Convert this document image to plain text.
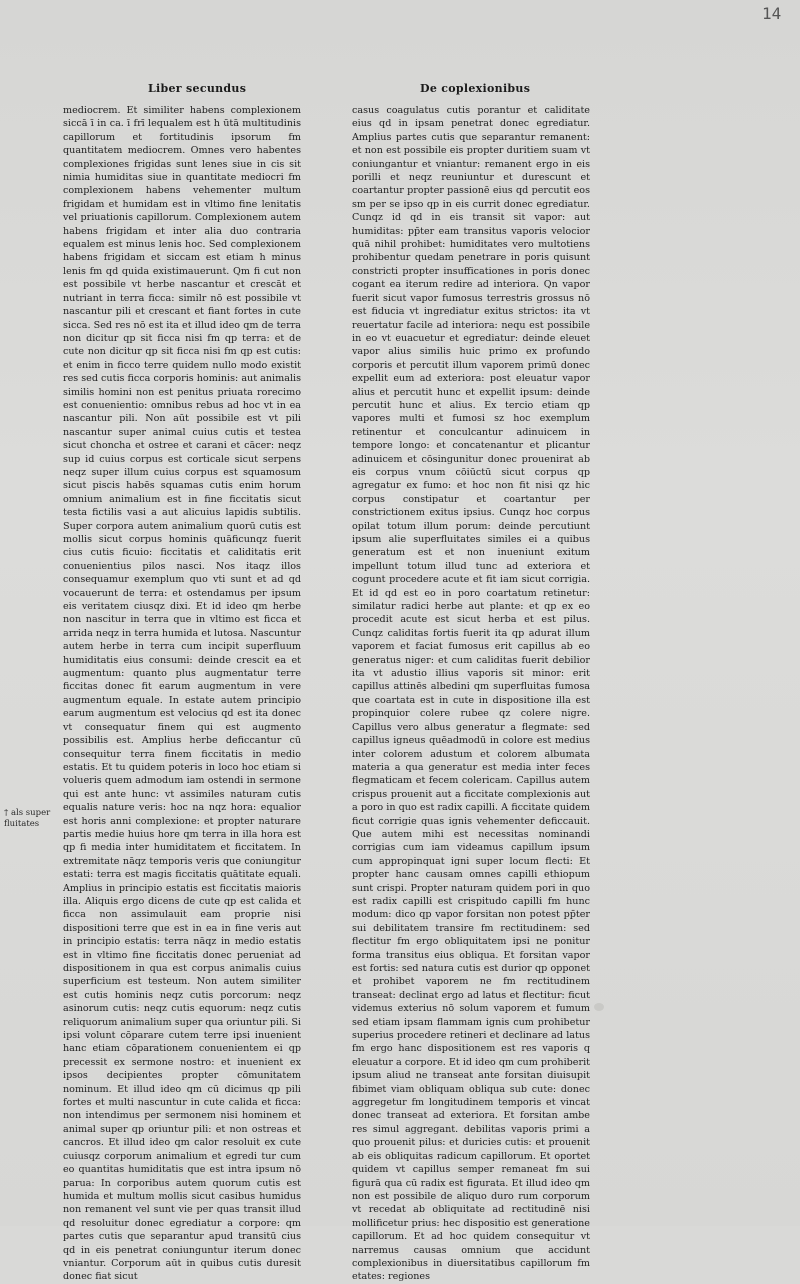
14
Liber secundus	De coplexionibus
† als super fluitates

mediocrem. Et similiter habens complexionem siccā ī in ca. ī frī lequalem est h ūtā multitudinis capillorum et fortitudinis ipsorum fm quantitatem mediocrem. Omnes vero habentes complexiones frigidas sunt lenes siue in cis sit nimia humiditas siue in quantitate mediocri fm complexionem habens vehementer multum frigidam et humidam est in vltimo fine lenitatis vel priuationis capillorum. Complexionem autem habens frigidam et inter alia duo contraria equalem est minus lenis hoc. Sed complexionem habens frigidam et siccam est etiam h minus lenis fm qd quida existimauerunt. Qm fi cut non est possibile vt herbe nascantur et crescāt et nutriant in terra ficca: similr nō est possibile vt nascantur pili et crescant et fiant fortes in cute sicca. Sed res nō est ita et illud ideo qm de terra non dicitur qp sit ficca nisi fm qp terra: et de cute non dicitur qp sit ficca nisi fm qp est cutis: et enim in ficco terre quidem nullo modo existit res sed cutis ficca corporis hominis: aut animalis similis homini non est penitus priuata rorecimo est conuenientio: omnibus rebus ad hoc vt in ea nascantur pili. Non aūt possibile est vt pili nascantur super animal cuius cutis et testea sicut choncha et ostree et carani et cācer: neqz sup id cuius corpus est corticale sicut serpens neqz super illum cuius corpus est squamosum sicut piscis habēs squamas cutis enim horum omnium animalium est in fine ficcitatis sicut testa fictilis vasi a aut alicuius lapidis subtilis. Super corpora autem animalium quorū cutis est mollis sicut corpus hominis quāficunqz fuerit cius cutis ficuio: ficcitatis et caliditatis erit conuenientius pilos nasci. Nos itaqz illos consequamur exemplum quo vti sunt et ad qd vocauerunt de terra: et ostendamus per ipsum eis veritatem ciusqz dixi. Et id ideo qm herbe non nascitur in terra que in vltimo est ficca et arrida neqz in terra humida et lutosa. Nascuntur autem herbe in terra cum incipit superfluum humiditatis eius consumi: deinde crescit ea et augmentum: quanto plus augmentatur terre ficcitas donec fit earum augmentum in vere augmentum equale. In estate autem principio earum augmentum est velocius qd est ita donec vt consequatur finem qui est augmento possibilis est. Amplius herbe deficcantur cū consequitur terra finem ficcitatis in medio estatis. Et tu quidem poteris in loco hoc etiam si volueris quem admodum iam ostendi in sermone qui est ante hunc: vt assimiles naturam cutis equalis nature veris: hoc na nqz hora: equalior est horis anni complexione: et propter naturare partis medie huius hore qm terra in illa hora est qp fi media inter humiditatem et ficcitatem. In extremitate nāqz temporis veris que coniungitur estati: terra est magis ficcitatis quātitate equali. Amplius in principio estatis est ficcitatis maioris illa. Aliquis ergo dicens de cute qp est calida et ficca non assimulauit eam proprie nisi dispositioni terre que est in ea in fine veris aut in principio estatis: terra nāqz in medio estatis est in vltimo fine ficcitatis donec perueniat ad dispositionem in qua est corpus animalis cuius superficium est testeum. Non autem similiter est cutis hominis neqz cutis porcorum: neqz asinorum cutis: neqz cutis equorum: neqz cutis reliquorum animalium super qua oriuntur pili. Si ipsi volunt cōparare cutem terre ipsi inuenient hanc etiam cōparationem conuenientem ei qp precessit ex sermone nostro: et inuenient ex ipsos decipientes propter cōmunitatem nominum. Et illud ideo qm cū dicimus qp pili fortes et multi nascuntur in cute calida et ficca: non intendimus per sermonem nisi hominem et animal super qp oriuntur pili: et non ostreas et cancros. Et illud ideo qm calor resoluit ex cute cuiusqz corporum animalium et egredi tur cum eo quantitas humiditatis que est intra ipsum nō parua: In corporibus autem quorum cutis est humida et multum mollis sicut casibus humidus non remanent vel sunt vie per quas transit illud qd resoluitur donec egrediatur a corpore: qm partes cutis que separantur apud transitū cius qd in eis penetrat coniunguntur iterum donec vniantur. Corporum aūt in quibus cutis duresit donec fiat sicut

casus coagulatus cutis porantur et caliditate eius qd in ipsam penetrat donec egrediatur. Amplius partes cutis que separantur remanent: et non est possibile eis propter duritiem suam vt coniungantur et vniantur: remanent ergo in eis porilli et neqz reuniuntur et durescunt et coartantur propter passionē eius qd percutit eos sm per se ipso qp in eis currit donec egrediatur. Cunqz id qd in eis transit sit vapor: aut humiditas: pp̄ter eam transitus vaporis velocior quā nihil prohibet: humiditates vero multotiens prohibentur quedam penetrare in poris quisunt constricti propter insufficationes in poris donec cogant ea iterum redire ad interiora. Qn vapor fuerit sicut vapor fumosus terrestris grossus nō est fiducia vt ingrediatur exitus strictos: ita vt reuertatur facile ad interiora: nequ est possibile in eo vt euacuetur et egrediatur: deinde eleuet vapor alius similis huic primo ex profundo corporis et percutit illum vaporem primū donec expellit eum ad exteriora: post eleuatur vapor alius et percutit hunc et expellit ipsum: deinde percutit hunc et alius. Ex tercio etiam qp vapores multi et fumosi sz hoc exemplum retinentur et conculcantur adinuicem in tempore longo: et concatenantur et plicantur adinuicem et cōsingunitur donec prouenirat ab eis corpus vnum cōiūctū sicut corpus qp agregatur ex fumo: et hoc non fit nisi qz hic corpus constipatur et coartantur per constrictionem exitus ipsius. Cunqz hoc corpus opilat totum illum porum: deinde percutiunt ipsum alie superfluitates similes ei a quibus generatum est et non inueniunt exitum impellunt totum illud tunc ad exteriora et cogunt procedere acute et fit iam sicut corrigia. Et id qd est eo in poro coartatum retinetur: similatur radici herbe aut plante: et qp ex eo procedit acute est sicut herba et est pilus. Cunqz caliditas fortis fuerit ita qp adurat illum vaporem et faciat fumosus erit capillus ab eo generatus niger: et cum caliditas fuerit debilior ita vt adustio illius vaporis sit minor: erit capillus attinēs albedini qm superfluitas fumosa que coartata est in cute in dispositione illa est propinquior colere rubee qz colere nigre. Capillus vero albus generatur a flegmate: sed capillus igneus quēadmodū in colore est medius inter colorem adustum et colorem albumata materia a qua generatur est media inter feces flegmaticam et fecem colericam. Capillus autem crispus prouenit aut a ficcitate complexionis aut a poro in quo est radix capilli. A ficcitate quidem ficut corrigie quas ignis vehementer deficcauit. Que autem mihi est necessitas nominandi corrigias cum iam videamus capillum ipsum cum appropinquat igni super locum flecti: Et propter hanc causam omnes capilli ethiopum sunt crispi. Propter naturam quidem pori in quo est radix capilli est crispitudo capilli fm hunc modum: dico qp vapor forsitan non potest pp̄ter sui debilitatem transire fm rectitudinem: sed flectitur fm ergo obliquitatem ipsi ne ponitur forma transitus eius obliqua. Et forsitan vapor est fortis: sed natura cutis est durior qp opponet et prohibet vaporem ne fm rectitudinem transeat: declinat ergo ad latus et flectitur: ficut videmus exterius nō solum vaporem et fumum sed etiam ipsam flammam ignis cum prohibetur superius procedere retineri et declinare ad latus fm ergo hanc dispositionem est res vaporis q eleuatur a corpore. Et id ideo qm cum prohiberit ipsum aliud ne transeat ante forsitan diuisupit fibimet viam obliquam obliqua sub cute: donec aggregetur fm longitudinem temporis et vincat donec transeat ad exteriora. Et forsitan ambe res simul aggregant. debilitas vaporis primi a quo prouenit pilus: et duricies cutis: et prouenit ab eis obliquitas radicum capillorum. Et oportet quidem vt capillus semper remaneat fm sui figurā qua cū radix est figurata. Et illud ideo qm non est possibile de aliquo duro rum corporum vt recedat ab obliquitate ad rectitudinē nisi mollificetur prius: hec dispositio est generatione capillorum. Et ad hoc quidem consequitur vt narremus causas omnium que accidunt complexionibus in diuersitatibus capillorum fm etates: regiones
